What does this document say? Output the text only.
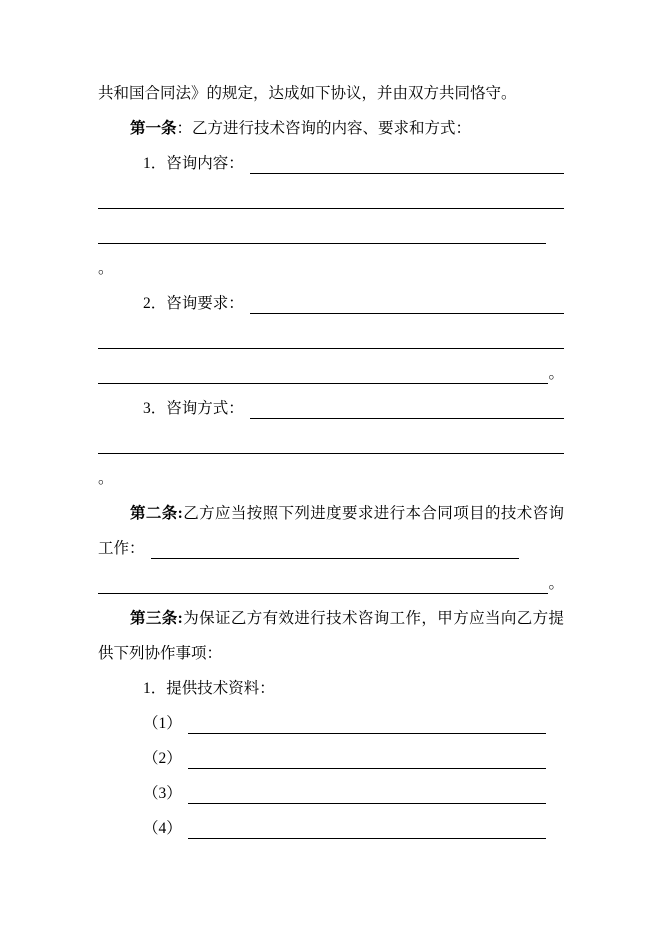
共和国合同法》的规定，达成如下协议，并由双方共同恪守。
第一条 ：乙方进行技术咨询的内容、要求和方式：
1．咨询内容：
。
2．咨询要求：
。
3．咨询方式：
。
第二条:乙方应当按照下列进度要求进行本合同项目的技术咨询
工作：
。
第三条:为保证乙方有效进行技术咨询工作，甲方应当向乙方提
供下列协作事项：
1．提供技术资料：
（1）
（2）
（3）
（4）
